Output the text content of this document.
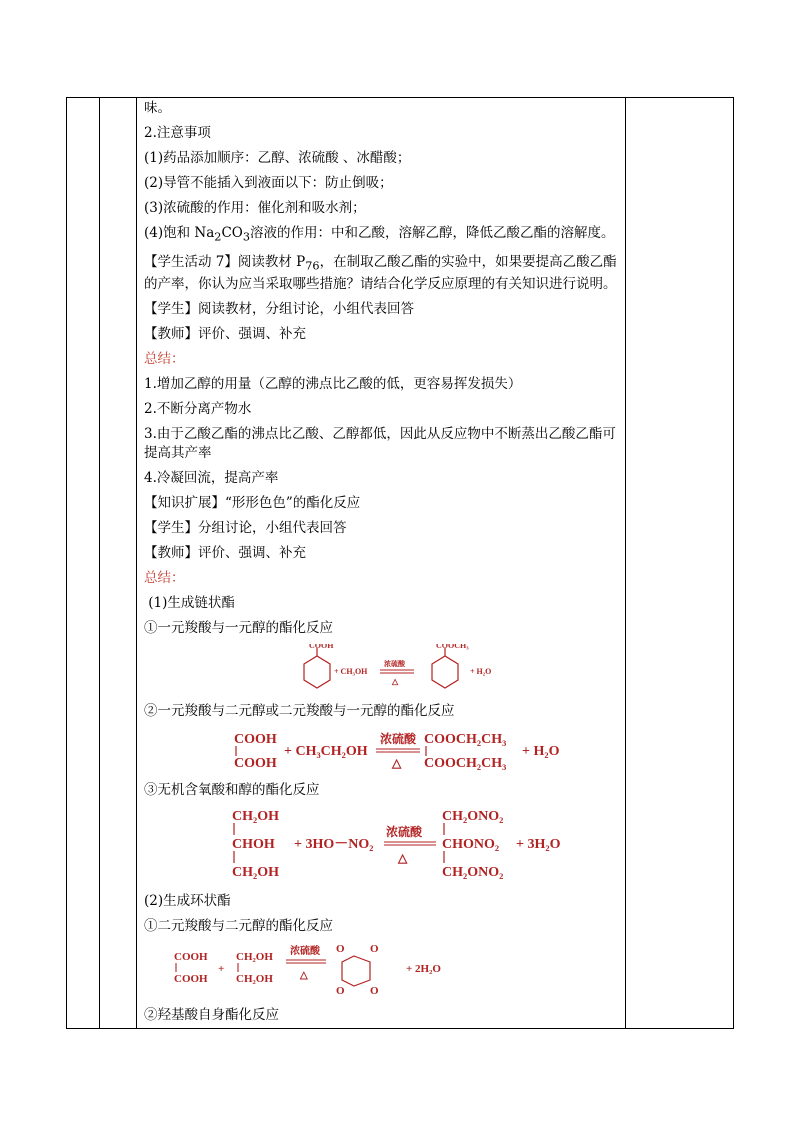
味。

2.注意事项

(1)药品添加顺序：乙醇、浓硫酸 、冰醋酸；

(2)导管不能插入到液面以下：防止倒吸；

(3)浓硫酸的作用：催化剂和吸水剂；

(4)饱和 $Na_2CO_3$溶液的作用：中和乙酸，溶解乙醇，降低乙酸乙酯的溶解度。

【学生活动 7】阅读教材 $P_{76}$，在制取乙酸乙酯的实验中，如果要提高乙酸乙酯的产率，你认为应当采取哪些措施？请结合化学反应原理的有关知识进行说明。

【学生】阅读教材，分组讨论，小组代表回答

【教师】评价、强调、补充

总结：

1.增加乙醇的用量（乙醇的沸点比乙酸的低，更容易挥发损失）

2.不断分离产物水

3.由于乙酸乙酯的沸点比乙酸、乙醇都低，因此从反应物中不断蒸出乙酸乙酯可提高其产率

4.冷凝回流，提高产率

【知识扩展】“形形色色”的酯化反应

【学生】分组讨论，小组代表回答

【教师】评价、强调、补充

总结：

(1)生成链状酯

①一元羧酸与一元醇的酯化反应

COOH
+ CH₃OH
浓硫酸
△
COOCH₃
+ H₂O

②一元羧酸与二元醇或二元羧酸与一元醇的酯化反应

COOH
COOH
+ CH₃CH₂OH
浓硫酸
△
COOCH₂CH₃
COOCH₂CH₃
+ H₂O

③无机含氧酸和醇的酯化反应

CH₂OH
CHOH
CH₂OH
+ 3HO－NO₂
浓硫酸
△
CH₂ONO₂
CHONO₂
CH₂ONO₂
+ 3H₂O

(2)生成环状酯

①二元羧酸与二元醇的酯化反应

COOH
COOH
+
CH₂OH
CH₂OH
浓硫酸
△
O O
O O
+ 2H₂O

②羟基酸自身酯化反应
